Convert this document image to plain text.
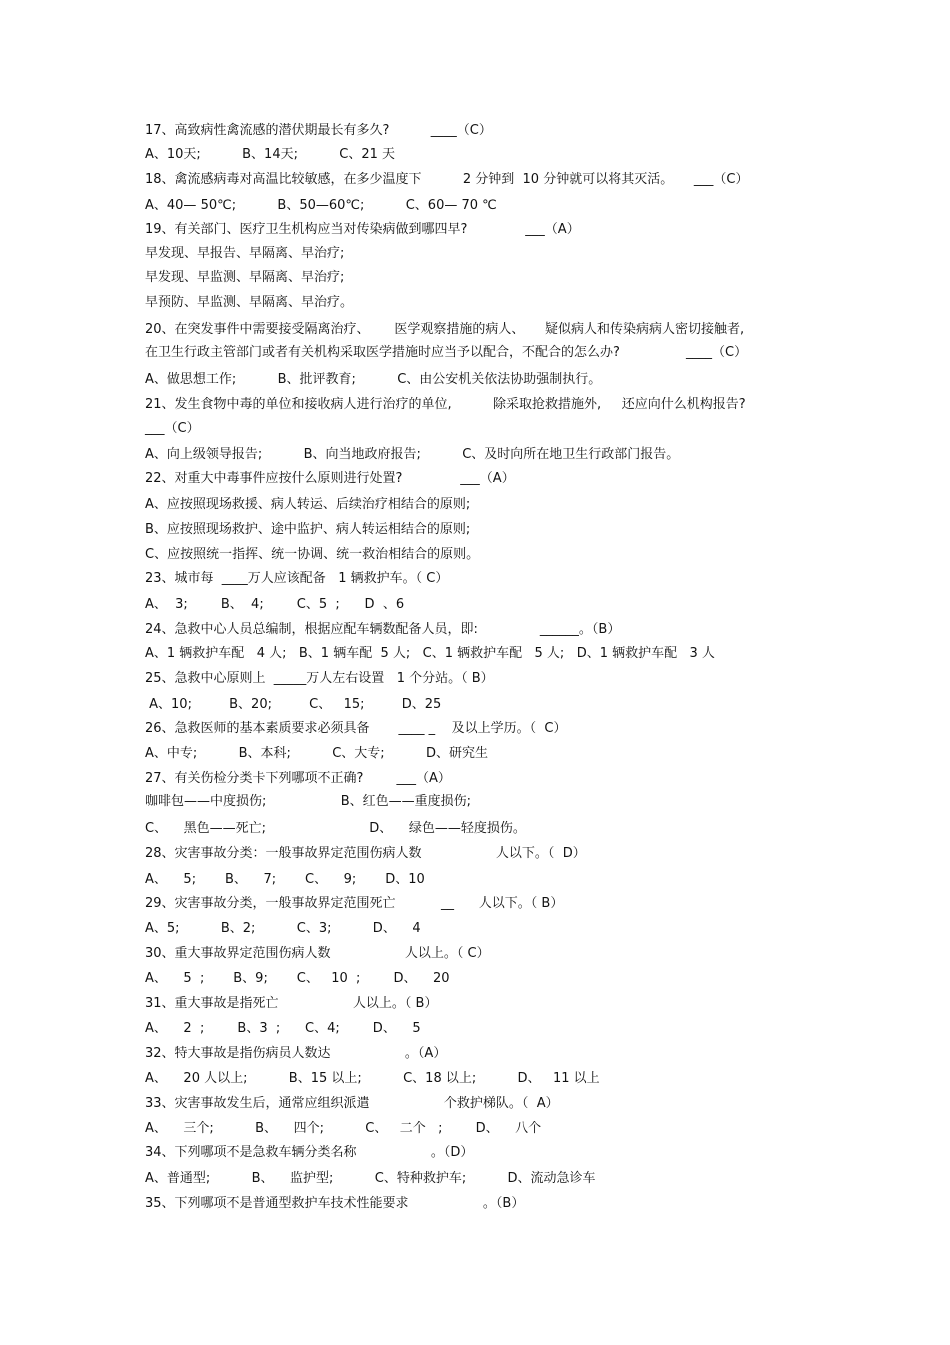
17、高致病性禽流感的潜伏期最长有多久?          ____（C）
A、10天;          B、14天;          C、21 天
18、禽流感病毒对高温比较敏感，在多少温度下          2 分钟到  10 分钟就可以将其灭活。     ___（C）
A、40— 50℃;          B、50—60℃;          C、60— 70 ℃
19、有关部门、医疗卫生机构应当对传染病做到哪四早?              ___（A）
早发现、早报告、早隔离、早治疗;
早发现、早监测、早隔离、早治疗;
早预防、早监测、早隔离、早治疗。
20、在突发事件中需要接受隔离治疗、      医学观察措施的病人、     疑似病人和传染病病人密切接触者,
在卫生行政主管部门或者有关机构采取医学措施时应当予以配合，不配合的怎么办?                ____（C）
A、做思想工作;          B、批评教育;          C、由公安机关依法协助强制执行。
21、发生食物中毒的单位和接收病人进行治疗的单位,          除采取抢救措施外,     还应向什么机构报告?
___（C）
A、向上级领导报告;          B、向当地政府报告;          C、及时向所在地卫生行政部门报告。
22、对重大中毒事件应按什么原则进行处置?              ___（A）
A、应按照现场救援、病人转运、后续治疗相结合的原则;
B、应按照现场救护、途中监护、病人转运相结合的原则;
C、应按照统一指挥、统一协调、统一救治相结合的原则。
23、城市每  ____万人应该配备   1 辆救护车。（ C）
A、  3;        B、  4;        C、5  ;      D  、6
24、急救中心人员总编制，根据应配车辆数配备人员，即:               ______。（B）
A、1 辆救护车配   4 人;   B、1 辆车配  5 人;   C、1 辆救护车配   5 人;   D、1 辆救护车配   3 人
25、急救中心原则上  _____万人左右设置   1 个分站。（ B）
A、10;         B、20;         C、   15;         D、25
26、急救医师的基本素质要求必须具备       ____ _    及以上学历。（  C）
A、中专;          B、本科;          C、大专;          D、研究生
27、有关伤检分类卡下列哪项不正确?        ___（A）
咖啡包——中度损伤;                  B、红色——重度损伤;
C、    黑色——死亡;                         D、    绿色——轻度损伤。
28、灾害事故分类：一般事故界定范围伤病人数                  人以下。（  D）
A、    5;       B、    7;       C、    9;       D、10
29、灾害事故分类，一般事故界定范围死亡           __      人以下。（ B）
A、5;          B、2;          C、3;          D、    4
30、重大事故界定范围伤病人数                  人以上。（ C）
A、    5  ;       B、9;       C、   10  ;        D、    20
31、重大事故是指死亡                  人以上。（ B）
A、    2  ;        B、3  ;      C、4;        D、    5
32、特大事故是指伤病员人数达                  。（A）
A、    20 人以上;          B、15 以上;          C、18 以上;          D、   11 以上
33、灾害事故发生后，通常应组织派遣                  个救护梯队。（  A）
A、    三个;          B、    四个;          C、   二个   ;        D、    八个
34、下列哪项不是急救车辆分类名称                  。（D）
A、普通型;          B、    监护型;          C、特种救护车;          D、流动急诊车
35、下列哪项不是普通型救护车技术性能要求                  。（B）
